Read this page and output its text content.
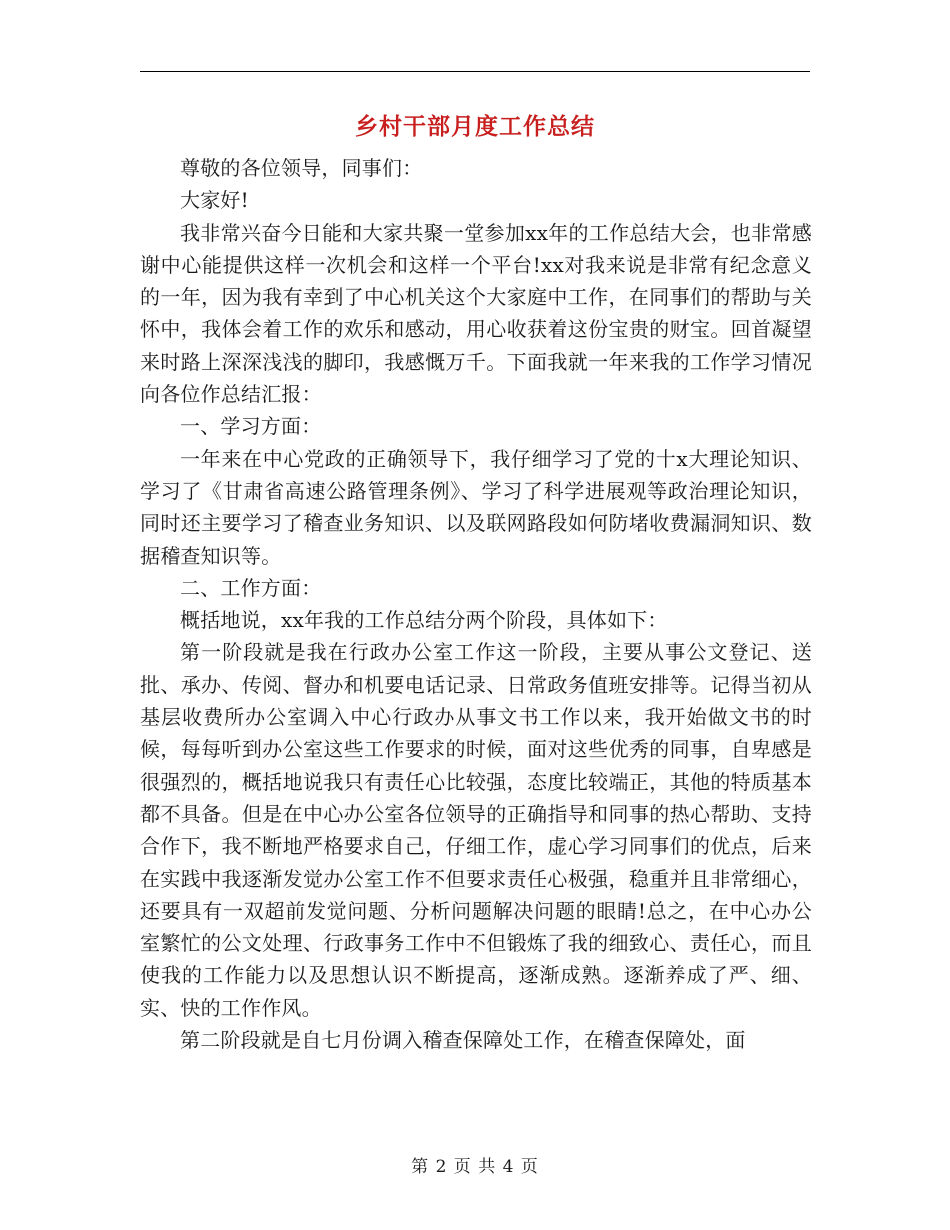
乡村干部月度工作总结

尊敬的各位领导，同事们：

大家好!

我非常兴奋今日能和大家共聚一堂参加xx年的工作总结大会，也非常感谢中心能提供这样一次机会和这样一个平台!xx对我来说是非常有纪念意义的一年，因为我有幸到了中心机关这个大家庭中工作，在同事们的帮助与关怀中，我体会着工作的欢乐和感动，用心收获着这份宝贵的财宝。回首凝望来时路上深深浅浅的脚印，我感慨万千。下面我就一年来我的工作学习情况向各位作总结汇报：

一、学习方面：

一年来在中心党政的正确领导下，我仔细学习了党的十x大理论知识、学习了《甘肃省高速公路管理条例》、学习了科学进展观等政治理论知识，同时还主要学习了稽查业务知识、以及联网路段如何防堵收费漏洞知识、数据稽查知识等。

二、工作方面：

概括地说，xx年我的工作总结分两个阶段，具体如下：

第一阶段就是我在行政办公室工作这一阶段，主要从事公文登记、送批、承办、传阅、督办和机要电话记录、日常政务值班安排等。记得当初从基层收费所办公室调入中心行政办从事文书工作以来，我开始做文书的时候，每每听到办公室这些工作要求的时候，面对这些优秀的同事，自卑感是很强烈的，概括地说我只有责任心比较强，态度比较端正，其他的特质基本都不具备。但是在中心办公室各位领导的正确指导和同事的热心帮助、支持合作下，我不断地严格要求自己，仔细工作，虚心学习同事们的优点，后来在实践中我逐渐发觉办公室工作不但要求责任心极强，稳重并且非常细心，还要具有一双超前发觉问题、分析问题解决问题的眼睛!总之，在中心办公室繁忙的公文处理、行政事务工作中不但锻炼了我的细致心、责任心，而且使我的工作能力以及思想认识不断提高，逐渐成熟。逐渐养成了严、细、实、快的工作作风。

第二阶段就是自七月份调入稽查保障处工作，在稽查保障处，面

第 2 页 共 4 页
